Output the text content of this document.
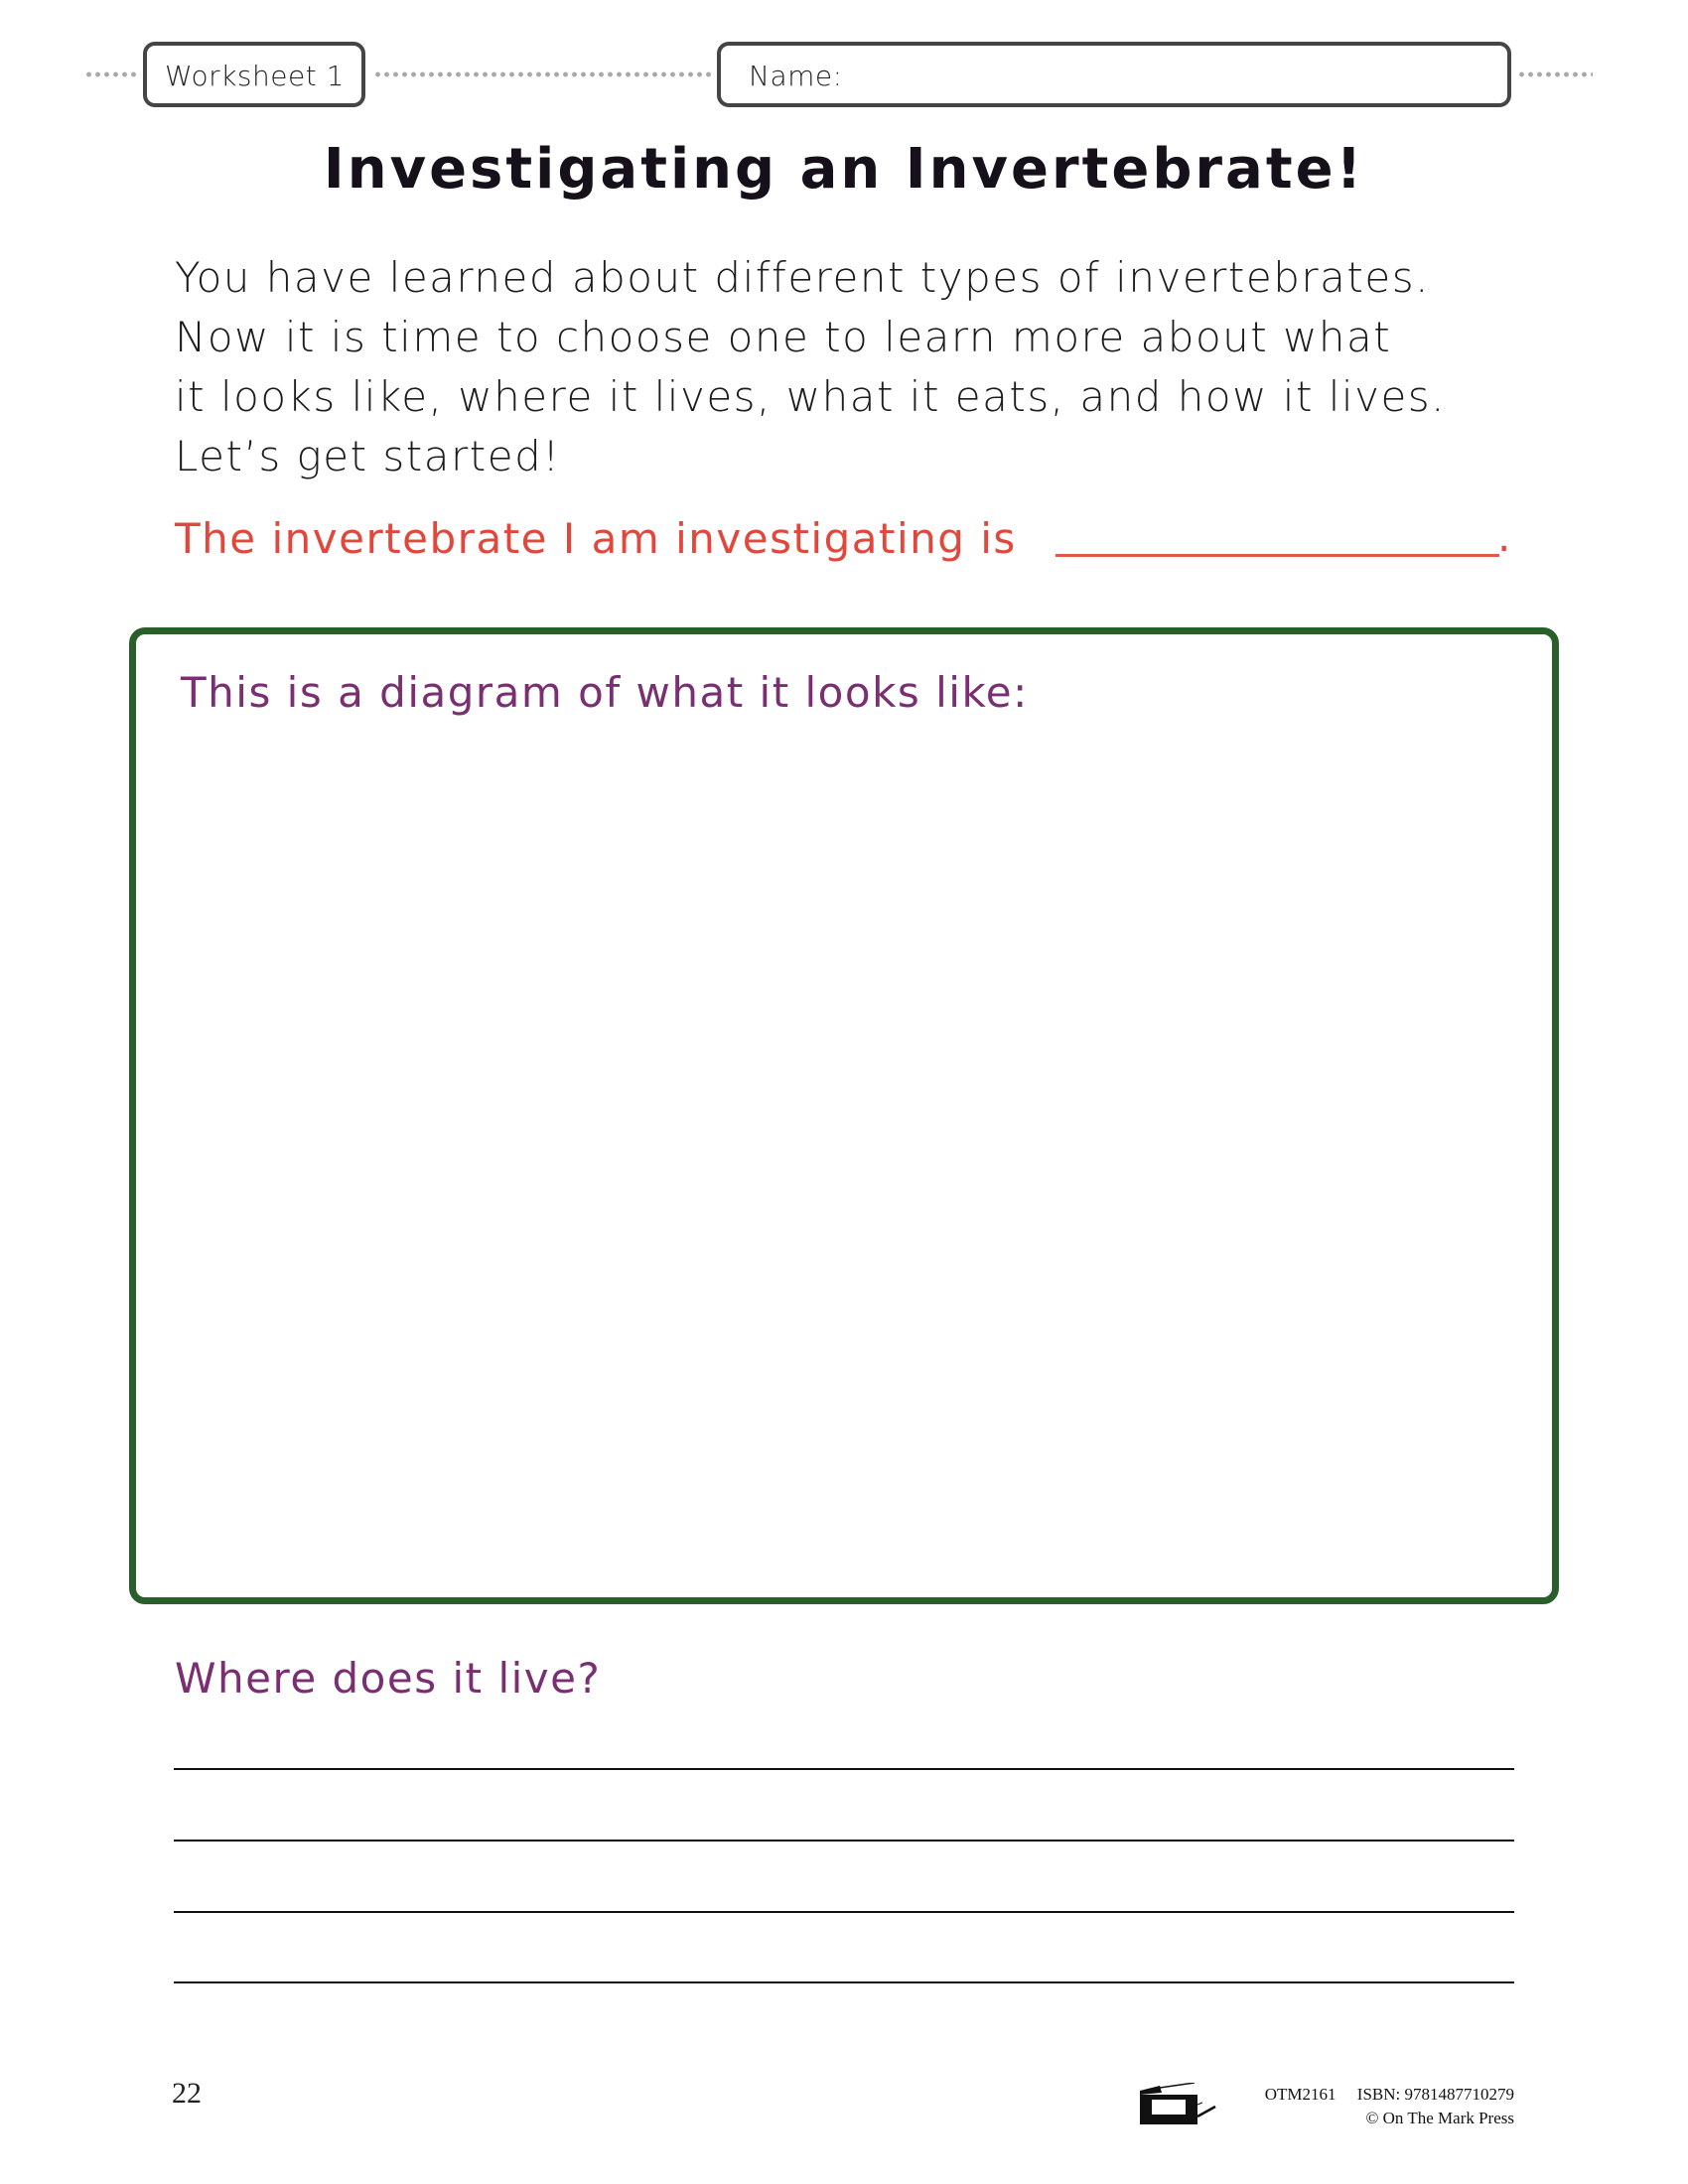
Worksheet 1	Name:
Investigating an Invertebrate!
You have learned about different types of invertebrates.
Now it is time to choose one to learn more about what
it looks like, where it lives, what it eats, and how it lives.
Let’s get started!
The invertebrate I am investigating is	.
This is a diagram of what it looks like:
Where does it live?
22	OTM2161 ISBN: 9781487710279
© On The Mark Press
